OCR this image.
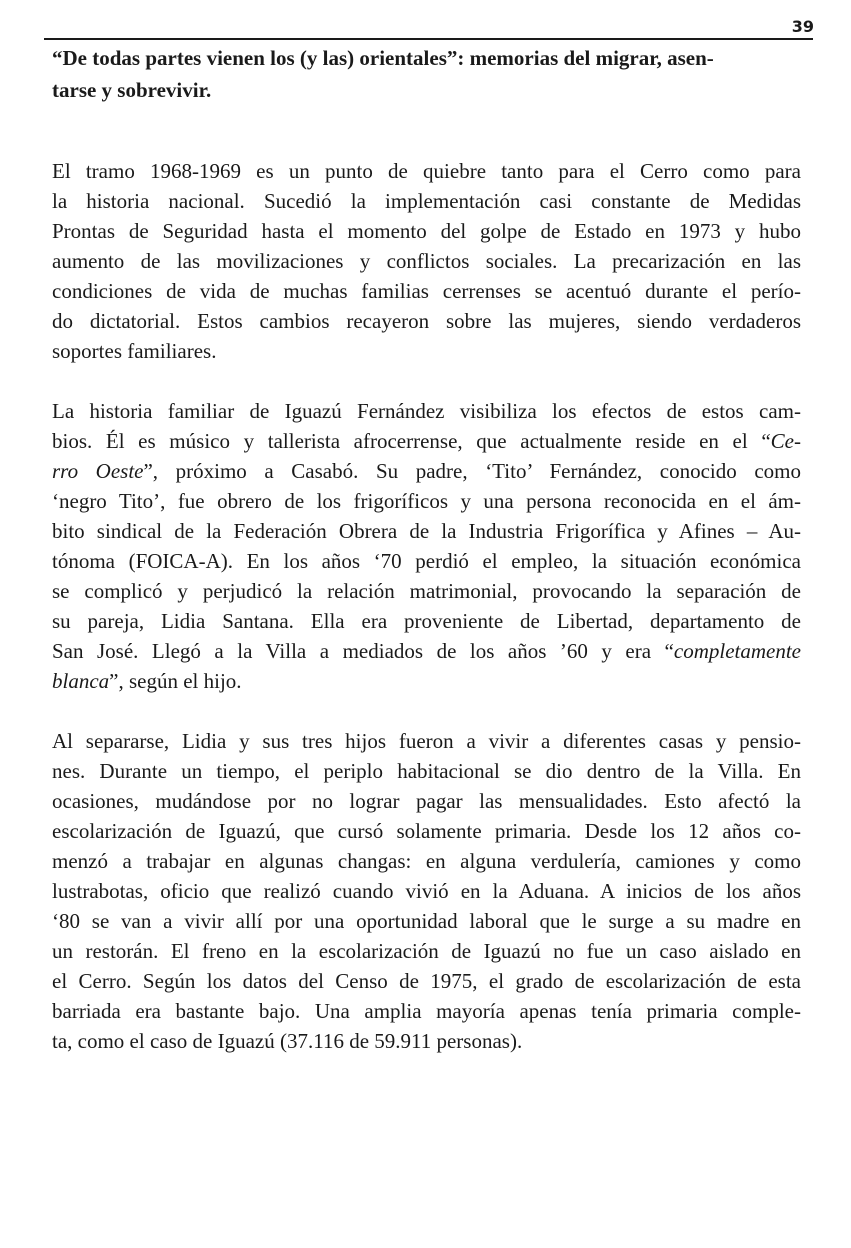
39
“De todas partes vienen los (y las) orientales”: memorias del migrar, asen-
tarse y sobrevivir.
El tramo 1968-1969 es un punto de quiebre tanto para el Cerro como para
la historia nacional. Sucedió la implementación casi constante de Medidas
Prontas de Seguridad hasta el momento del golpe de Estado en 1973 y hubo
aumento de las movilizaciones y conflictos sociales. La precarización en las
condiciones de vida de muchas familias cerrenses se acentuó durante el perío-
do dictatorial. Estos cambios recayeron sobre las mujeres, siendo verdaderos
soportes familiares.
La historia familiar de Iguazú Fernández visibiliza los efectos de estos cam-
bios. Él es músico y tallerista afrocerrense, que actualmente reside en el “Ce-
rro Oeste”, próximo a Casabó. Su padre, ‘Tito’ Fernández, conocido como
‘negro Tito’, fue obrero de los frigoríficos y una persona reconocida en el ám-
bito sindical de la Federación Obrera de la Industria Frigorífica y Afines – Au-
tónoma (FOICA-A). En los años ‘70 perdió el empleo, la situación económica
se complicó y perjudicó la relación matrimonial, provocando la separación de
su pareja, Lidia Santana. Ella era proveniente de Libertad, departamento de
San José. Llegó a la Villa a mediados de los años ’60 y era “completamente
blanca”, según el hijo.
Al separarse, Lidia y sus tres hijos fueron a vivir a diferentes casas y pensio-
nes. Durante un tiempo, el periplo habitacional se dio dentro de la Villa. En
ocasiones, mudándose por no lograr pagar las mensualidades. Esto afectó la
escolarización de Iguazú, que cursó solamente primaria. Desde los 12 años co-
menzó a trabajar en algunas changas: en alguna verdulería, camiones y como
lustrabotas, oficio que realizó cuando vivió en la Aduana. A inicios de los años
‘80 se van a vivir allí por una oportunidad laboral que le surge a su madre en
un restorán. El freno en la escolarización de Iguazú no fue un caso aislado en
el Cerro. Según los datos del Censo de 1975, el grado de escolarización de esta
barriada era bastante bajo. Una amplia mayoría apenas tenía primaria comple-
ta, como el caso de Iguazú (37.116 de 59.911 personas).
